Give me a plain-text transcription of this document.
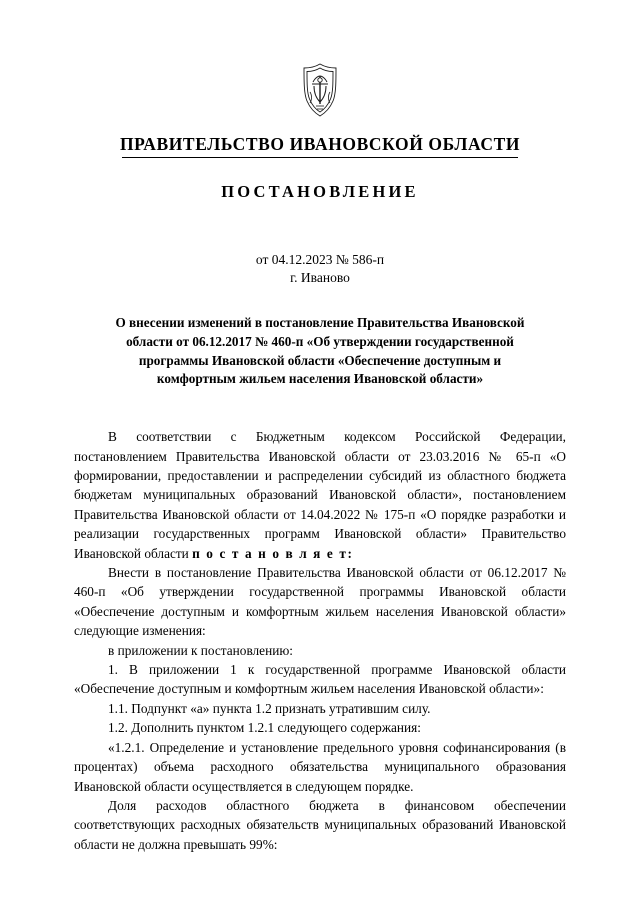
ПРАВИТЕЛЬСТВО ИВАНОВСКОЙ ОБЛАСТИ
ПОСТАНОВЛЕНИЕ
от 04.12.2023 № 586-п
г. Иваново
О внесении изменений в постановление Правительства Ивановской области от 06.12.2017 № 460-п «Об утверждении государственной программы Ивановской области «Обеспечение доступным и комфортным жильем населения Ивановской области»

В соответствии с Бюджетным кодексом Российской Федерации, постановлением Правительства Ивановской области от 23.03.2016 № 65-п «О формировании, предоставлении и распределении субсидий из областного бюджета бюджетам муниципальных образований Ивановской области», постановлением Правительства Ивановской области от 14.04.2022 № 175-п «О порядке разработки и реализации государственных программ Ивановской области» Правительство Ивановской области п о с т а н о в л я е т:

Внести в постановление Правительства Ивановской области от 06.12.2017 № 460-п «Об утверждении государственной программы Ивановской области «Обеспечение доступным и комфортным жильем населения Ивановской области» следующие изменения:

в приложении к постановлению:

1. В приложении 1 к государственной программе Ивановской области «Обеспечение доступным и комфортным жильем населения Ивановской области»:

1.1. Подпункт «а» пункта 1.2 признать утратившим силу.

1.2. Дополнить пунктом 1.2.1 следующего содержания:

«1.2.1. Определение и установление предельного уровня софинансирования (в процентах) объема расходного обязательства муниципального образования Ивановской области осуществляется в следующем порядке.

Доля расходов областного бюджета в финансовом обеспечении соответствующих расходных обязательств муниципальных образований Ивановской области не должна превышать 99%:
